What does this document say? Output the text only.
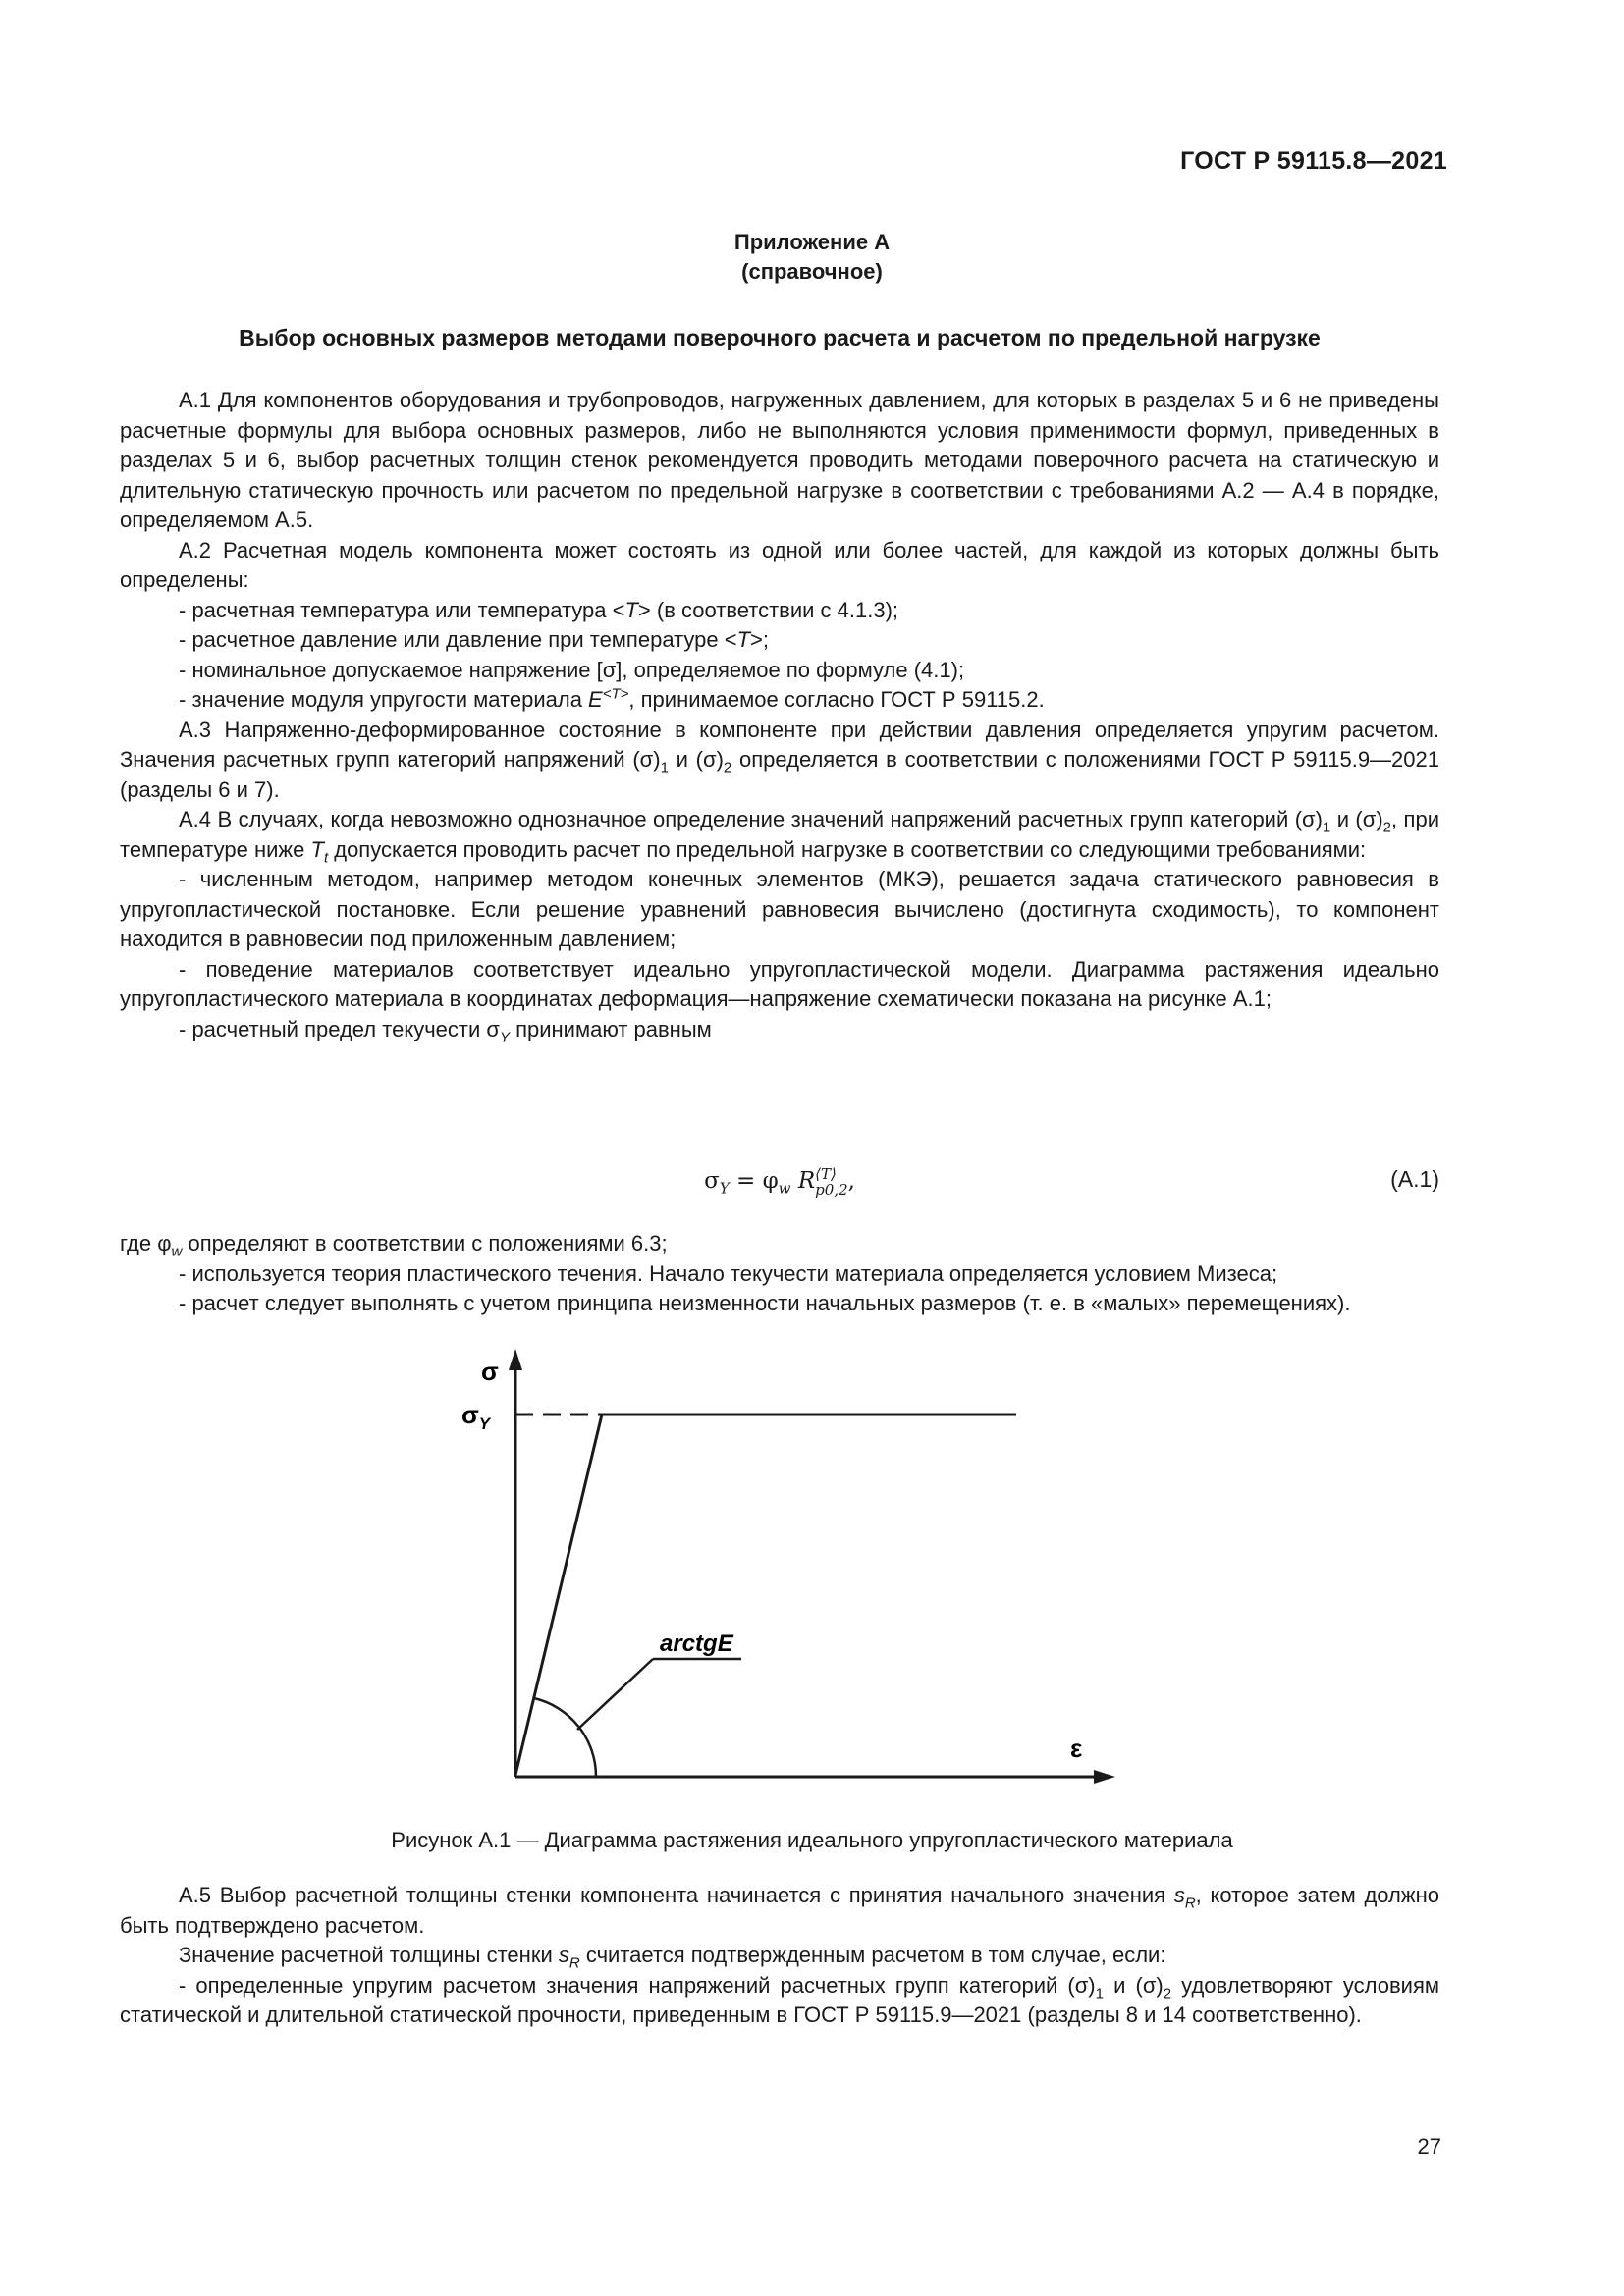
ГОСТ Р 59115.8—2021
Приложение А
(справочное)
Выбор основных размеров методами поверочного расчета и расчетом по предельной нагрузке

А.1 Для компонентов оборудования и трубопроводов, нагруженных давлением, для которых в разделах 5 и 6 не приведены расчетные формулы для выбора основных размеров, либо не выполняются условия применимости формул, приведенных в разделах 5 и 6, выбор расчетных толщин стенок рекомендуется проводить методами поверочного расчета на статическую и длительную статическую прочность или расчетом по предельной нагрузке в соответствии с требованиями А.2 — А.4 в порядке, определяемом А.5.

А.2 Расчетная модель компонента может состоять из одной или более частей, для каждой из которых должны быть определены:

- расчетная температура или температура <T> (в соответствии с 4.1.3);

- расчетное давление или давление при температуре <T>;

- номинальное допускаемое напряжение [σ], определяемое по формуле (4.1);

- значение модуля упругости материала $E^{<T>}$, принимаемое согласно ГОСТ Р 59115.2.

А.3 Напряженно-деформированное состояние в компоненте при действии давления определяется упругим расчетом. Значения расчетных групп категорий напряжений $(\sigma)_1$ и $(\sigma)_2$ определяется в соответствии с положениями ГОСТ Р 59115.9—2021 (разделы 6 и 7).

А.4 В случаях, когда невозможно однозначное определение значений напряжений расчетных групп категорий $(\sigma)_1$ и $(\sigma)_2$, при температуре ниже $T_t$ допускается проводить расчет по предельной нагрузке в соответствии со следующими требованиями:

- численным методом, например методом конечных элементов (МКЭ), решается задача статического равновесия в упругопластической постановке. Если решение уравнений равновесия вычислено (достигнута сходимость), то компонент находится в равновесии под приложенным давлением;

- поведение материалов соответствует идеально упругопластической модели. Диаграмма растяжения идеально упругопластического материала в координатах деформация—напряжение схематически показана на рисунке А.1;

- расчетный предел текучести $\sigma_Y$ принимают равным

$\sigma_Y = \varphi_w$ R ⟨T⟩
p0,2 ,	(А.1)

где $\varphi_w$ определяют в соответствии с положениями 6.3;

- используется теория пластического течения. Начало текучести материала определяется условием Мизеса;

- расчет следует выполнять с учетом принципа неизменности начальных размеров (т. е. в «малых» перемещениях).

σ
$\sigma_Y$
ε
arctgE
Рисунок А.1 — Диаграмма растяжения идеального упругопластического материала

А.5 Выбор расчетной толщины стенки компонента начинается с принятия начального значения $s_R$, которое затем должно быть подтверждено расчетом.

Значение расчетной толщины стенки $s_R$ считается подтвержденным расчетом в том случае, если:

- определенные упругим расчетом значения напряжений расчетных групп категорий $(\sigma)_1$ и $(\sigma)_2$ удовлетворяют условиям статической и длительной статической прочности, приведенным в ГОСТ Р 59115.9—2021 (разделы 8 и 14 соответственно).

27
